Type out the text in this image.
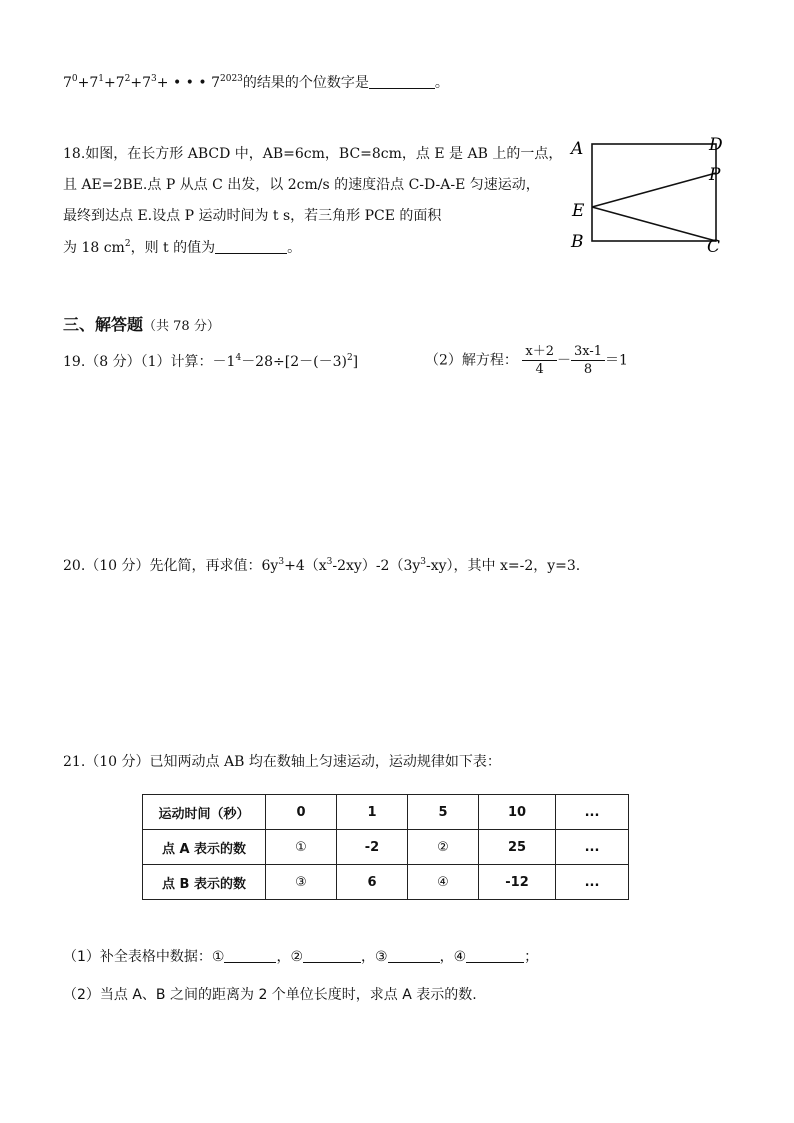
$7^0+7^1+7^2+7^3+$ • • • $7^{2023}$的结果的个位数字是	。
18.如图，在长方形 ABCD 中，AB=6cm，BC=8cm，点 E 是 AB 上的一点，
且 AE=2BE.点 P 从点 C 出发，以 2cm/s 的速度沿点 C-D-A-E 匀速运动，
最终到达点 E.设点 P 运动时间为 t s，若三角形 PCE 的面积
为 18 $cm^2$，则 t 的值为	。
A	D
P
E
B	C
三、解答题（共 78 分）
19.（8 分）（1）计算：$-1^4-28\div[2-(-3)^2]$	（2）解方程： $\frac{x+2}{4} - \frac{3x-1}{8} =1$
20.（10 分）先化简，再求值：$6y^3+4(x^3-2xy)-2(3y^3-xy)$，其中 x=-2，y=3.
21.（10 分）已知两动点 AB 均在数轴上匀速运动，运动规律如下表：
运动时间（秒）	0	1	5	10	...
点 A 表示的数	①	-2	②	25	...
点 B 表示的数	③	6	④	-12	...
（1）补全表格中数据：①	，②	，③	，④	；
（2）当点 A、B 之间的距离为 2 个单位长度时，求点 A 表示的数.
